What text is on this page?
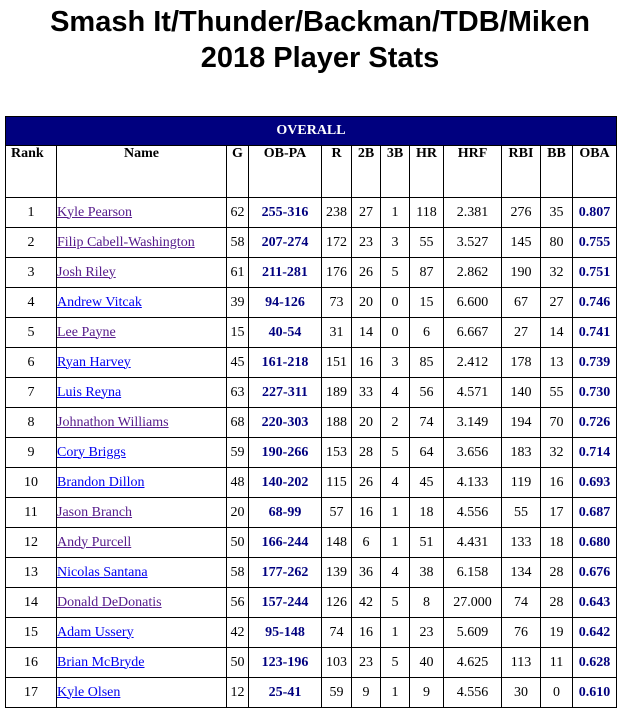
Smash It/Thunder/Backman/TDB/Miken
2018 Player Stats
OVERALL											
Rank	Name	G	OB-PA	R	2B	3B	HR	HRF	RBI	BB	OBA
1	Kyle Pearson	62	255-316	238	27	1	118	2.381	276	35	0.807
2	Filip Cabell-Washington	58	207-274	172	23	3	55	3.527	145	80	0.755
3	Josh Riley	61	211-281	176	26	5	87	2.862	190	32	0.751
4	Andrew Vitcak	39	94-126	73	20	0	15	6.600	67	27	0.746
5	Lee Payne	15	40-54	31	14	0	6	6.667	27	14	0.741
6	Ryan Harvey	45	161-218	151	16	3	85	2.412	178	13	0.739
7	Luis Reyna	63	227-311	189	33	4	56	4.571	140	55	0.730
8	Johnathon Williams	68	220-303	188	20	2	74	3.149	194	70	0.726
9	Cory Briggs	59	190-266	153	28	5	64	3.656	183	32	0.714
10	Brandon Dillon	48	140-202	115	26	4	45	4.133	119	16	0.693
11	Jason Branch	20	68-99	57	16	1	18	4.556	55	17	0.687
12	Andy Purcell	50	166-244	148	6	1	51	4.431	133	18	0.680
13	Nicolas Santana	58	177-262	139	36	4	38	6.158	134	28	0.676
14	Donald DeDonatis	56	157-244	126	42	5	8	27.000	74	28	0.643
15	Adam Ussery	42	95-148	74	16	1	23	5.609	76	19	0.642
16	Brian McBryde	50	123-196	103	23	5	40	4.625	113	11	0.628
17	Kyle Olsen	12	25-41	59	9	1	9	4.556	30	0	0.610
